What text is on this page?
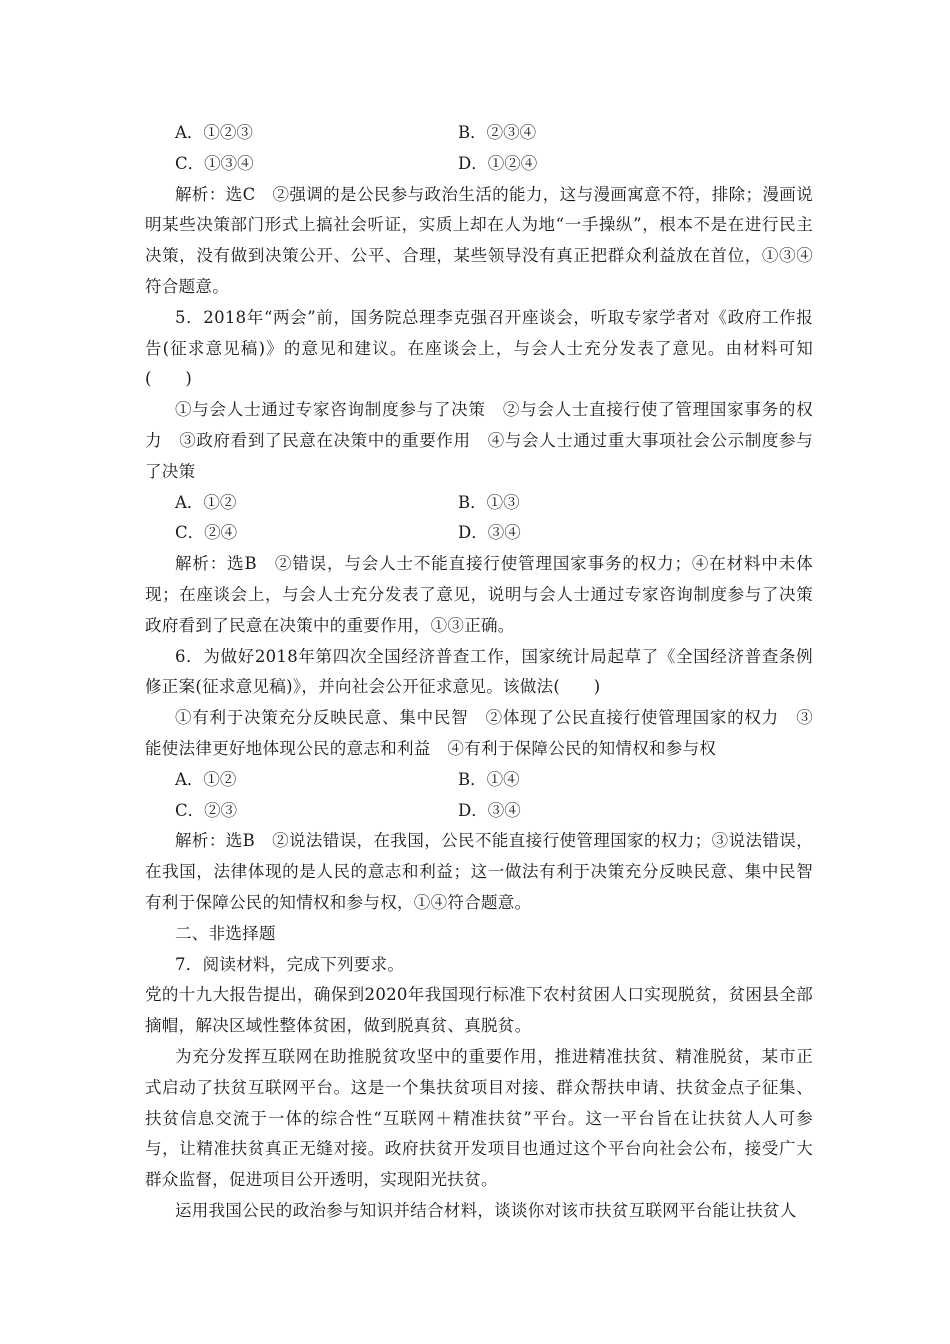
A．①②③	B．②③④
C．①③④	D．①②④

解析：选C　②强调的是公民参与政治生活的能力，这与漫画寓意不符，排除；漫画说明某些决策部门形式上搞社会听证，实质上却在人为地“一手操纵”，根本不是在进行民主决策，没有做到决策公开、公平、合理，某些领导没有真正把群众利益放在首位，①③④符合题意。

5．2018年“两会”前，国务院总理李克强召开座谈会，听取专家学者对《政府工作报告(征求意见稿)》的意见和建议。在座谈会上，与会人士充分发表了意见。由材料可知(　　)

①与会人士通过专家咨询制度参与了决策　②与会人士直接行使了管理国家事务的权力　③政府看到了民意在决策中的重要作用　④与会人士通过重大事项社会公示制度参与了决策

A．①②	B．①③
C．②④	D．③④

解析：选B　②错误，与会人士不能直接行使管理国家事务的权力；④在材料中未体现；在座谈会上，与会人士充分发表了意见，说明与会人士通过专家咨询制度参与了决策政府看到了民意在决策中的重要作用，①③正确。

6．为做好2018年第四次全国经济普查工作，国家统计局起草了《全国经济普查条例修正案(征求意见稿)》，并向社会公开征求意见。该做法(　　)

①有利于决策充分反映民意、集中民智　②体现了公民直接行使管理国家的权力　③能使法律更好地体现公民的意志和利益　④有利于保障公民的知情权和参与权

A．①②	B．①④
C．②③	D．③④

解析：选B　②说法错误，在我国，公民不能直接行使管理国家的权力；③说法错误，在我国，法律体现的是人民的意志和利益；这一做法有利于决策充分反映民意、集中民智有利于保障公民的知情权和参与权，①④符合题意。

二、非选择题

7．阅读材料，完成下列要求。

党的十九大报告提出，确保到2020年我国现行标准下农村贫困人口实现脱贫，贫困县全部摘帽，解决区域性整体贫困，做到脱真贫、真脱贫。

为充分发挥互联网在助推脱贫攻坚中的重要作用，推进精准扶贫、精准脱贫，某市正式启动了扶贫互联网平台。这是一个集扶贫项目对接、群众帮扶申请、扶贫金点子征集、扶贫信息交流于一体的综合性“互联网＋精准扶贫”平台。这一平台旨在让扶贫人人可参与，让精准扶贫真正无缝对接。政府扶贫开发项目也通过这个平台向社会公布，接受广大群众监督，促进项目公开透明，实现阳光扶贫。

运用我国公民的政治参与知识并结合材料，谈谈你对该市扶贫互联网平台能让扶贫人
